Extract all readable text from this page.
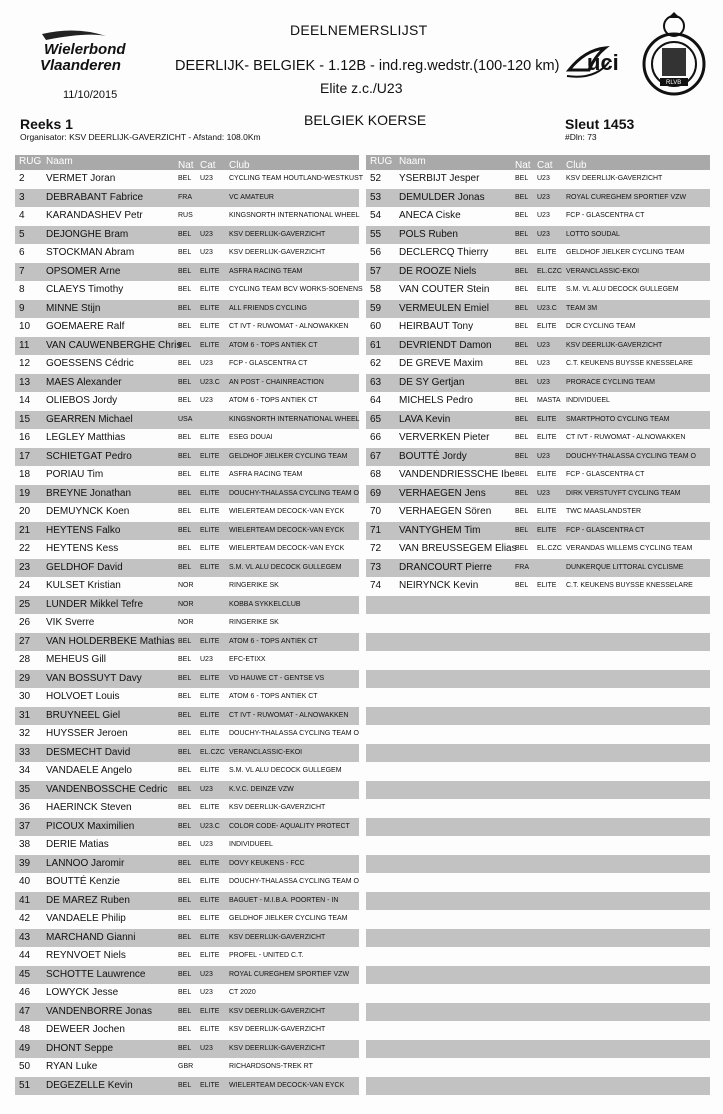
Wielerbond
Vlaanderen
11/10/2015
DEELNEMERSLIJST
DEERLIJK- BELGIEK - 1.12B - ind.reg.wedstr.(100-120 km)
Elite z.c./U23
uci
RLVB
BELGIEK KOERSE
Reeks 1
Organisator: KSV DEERLIJK-GAVERZICHT - Afstand: 108.0Km
Sleut 1453
#Dln: 73
RUG Naam	Nat Cat Club
2 VERMET Joran	BEL U23 CYCLING TEAM HOUTLAND-WESTKUST
3 DEBRABANT Fabrice	FRA	VC AMATEUR
4 KARANDASHEV Petr	RUS	KINGSNORTH INTERNATIONAL WHEEL
5 DEJONGHE Bram	BEL U23 KSV DEERLIJK-GAVERZICHT
6 STOCKMAN Abram	BEL U23 KSV DEERLIJK-GAVERZICHT
7 OPSOMER Arne	BEL ELITE ASFRA RACING TEAM
8 CLAEYS Timothy	BEL ELITE CYCLING TEAM BCV WORKS-SOENENS
9 MINNE Stijn	BEL ELITE ALL FRIENDS CYCLING
10 GOEMAERE Ralf	BEL ELITE CT IVT - RUWOMAT - ALNOWAKKEN
11 VAN CAUWENBERGHE Chris
BEL ELITE ATOM 6 - TOPS ANTIEK CT
12 GOESSENS Cédric	BEL U23 FCP - GLASCENTRA CT
13 MAES Alexander	BEL U23.C AN POST - CHAINREACTION
14 OLIEBOS Jordy	BEL U23 ATOM 6 - TOPS ANTIEK CT
15 GEARREN Michael	USA	KINGSNORTH INTERNATIONAL WHEEL
16 LEGLEY Matthias	BEL ELITE ESEG DOUAI
17 SCHIETGAT Pedro	BEL ELITE GELDHOF JIELKER CYCLING TEAM
18 PORIAU Tim	BEL ELITE ASFRA RACING TEAM
19 BREYNE Jonathan	BEL ELITE DOUCHY-THALASSA CYCLING TEAM O
20 DEMUYNCK Koen	BEL ELITE WIELERTEAM DECOCK-VAN EYCK
21 HEYTENS Falko	BEL ELITE WIELERTEAM DECOCK-VAN EYCK
22 HEYTENS Kess	BEL ELITE WIELERTEAM DECOCK-VAN EYCK
23 GELDHOF David	BEL ELITE S.M. VL ALU DECOCK GULLEGEM
24 KULSET Kristian	NOR	RINGERIKE SK
25 LUNDER Mikkel Tefre	NOR	KOBBA SYKKELCLUB
26 VIK Sverre	NOR	RINGERIKE SK
27 VAN HOLDERBEKE Mathias BEL ELITE ATOM 6 - TOPS ANTIEK CT
28 MEHEUS Gill	BEL U23 EFC-ETIXX
29 VAN BOSSUYT Davy	BEL ELITE VD HAUWE CT - GENTSE VS
30 HOLVOET Louis	BEL ELITE ATOM 6 - TOPS ANTIEK CT
31 BRUYNEEL Giel	BEL ELITE CT IVT - RUWOMAT - ALNOWAKKEN
32 HUYSSER Jeroen	BEL ELITE DOUCHY-THALASSA CYCLING TEAM O
33 DESMECHT David	BEL EL.CZC VERANCLASSIC-EKOI
34 VANDAELE Angelo	BEL ELITE S.M. VL ALU DECOCK GULLEGEM
35 VANDENBOSSCHE Cedric BEL U23 K.V.C. DEINZE VZW
36 HAERINCK Steven	BEL ELITE KSV DEERLIJK-GAVERZICHT
37 PICOUX Maximilien	BEL U23.C COLOR CODE- AQUALITY PROTECT
38 DERIE Matias	BEL U23 INDIVIDUEEL
39 LANNOO Jaromir	BEL ELITE DOVY KEUKENS - FCC
40 BOUTTÉ Kenzie	BEL ELITE DOUCHY-THALASSA CYCLING TEAM O
41 DE MAREZ Ruben	BEL ELITE BAGUET - M.I.B.A. POORTEN - IN
42 VANDAELE Philip	BEL ELITE GELDHOF JIELKER CYCLING TEAM
43 MARCHAND Gianni	BEL ELITE KSV DEERLIJK-GAVERZICHT
44 REYNVOET Niels	BEL ELITE PROFEL - UNITED C.T.
45 SCHOTTE Lauwrence	BEL U23 ROYAL CUREGHEM SPORTIEF VZW
46 LOWYCK Jesse	BEL U23 CT 2020
47 VANDENBORRE Jonas	BEL ELITE KSV DEERLIJK-GAVERZICHT
48 DEWEER Jochen	BEL ELITE KSV DEERLIJK-GAVERZICHT
49 DHONT Seppe	BEL U23 KSV DEERLIJK-GAVERZICHT
50 RYAN Luke	GBR	RICHARDSONS-TREK RT
51 DEGEZELLE Kevin	BEL ELITE WIELERTEAM DECOCK-VAN EYCK
RUG Naam	Nat Cat Club
52 YSERBIJT Jesper	BEL U23 KSV DEERLIJK-GAVERZICHT
53 DEMULDER Jonas	BEL U23 ROYAL CUREGHEM SPORTIEF VZW
54 ANECA Ciske	BEL U23 FCP - GLASCENTRA CT
55 POLS Ruben	BEL U23 LOTTO SOUDAL
56 DECLERCQ Thierry	BEL ELITE GELDHOF JIELKER CYCLING TEAM
57 DE ROOZE Niels	BEL EL.CZC VERANCLASSIC-EKOI
58 VAN COUTER Stein	BEL ELITE S.M. VL ALU DECOCK GULLEGEM
59 VERMEULEN Emiel	BEL U23.C TEAM 3M
60 HEIRBAUT Tony	BEL ELITE DCR CYCLING TEAM
61 DEVRIENDT Damon	BEL U23 KSV DEERLIJK-GAVERZICHT
62 DE GREVE Maxim	BEL U23 C.T. KEUKENS BUYSSE KNESSELARE
63 DE SY Gertjan	BEL U23 PRORACE CYCLING TEAM
64 MICHELS Pedro	BEL MASTA INDIVIDUEEL
65 LAVA Kevin	BEL ELITE SMARTPHOTO CYCLING TEAM
66 VERVERKEN Pieter	BEL ELITE CT IVT - RUWOMAT - ALNOWAKKEN
67 BOUTTÉ Jordy	BEL U23 DOUCHY-THALASSA CYCLING TEAM O
68 VANDENDRIESSCHE Ibe BEL ELITE FCP - GLASCENTRA CT
69 VERHAEGEN Jens	BEL U23 DIRK VERSTUYFT CYCLING TEAM
70 VERHAEGEN Sören	BEL ELITE TWC MAASLANDSTER
71 VANTYGHEM Tim	BEL ELITE FCP - GLASCENTRA CT
72 VAN BREUSSEGEM Elias
BEL EL.CZC VERANDAS WILLEMS CYCLING TEAM
73 DRANCOURT Pierre	FRA	DUNKERQUE LITTORAL CYCLISME
74 NEIRYNCK Kevin	BEL ELITE C.T. KEUKENS BUYSSE KNESSELARE
